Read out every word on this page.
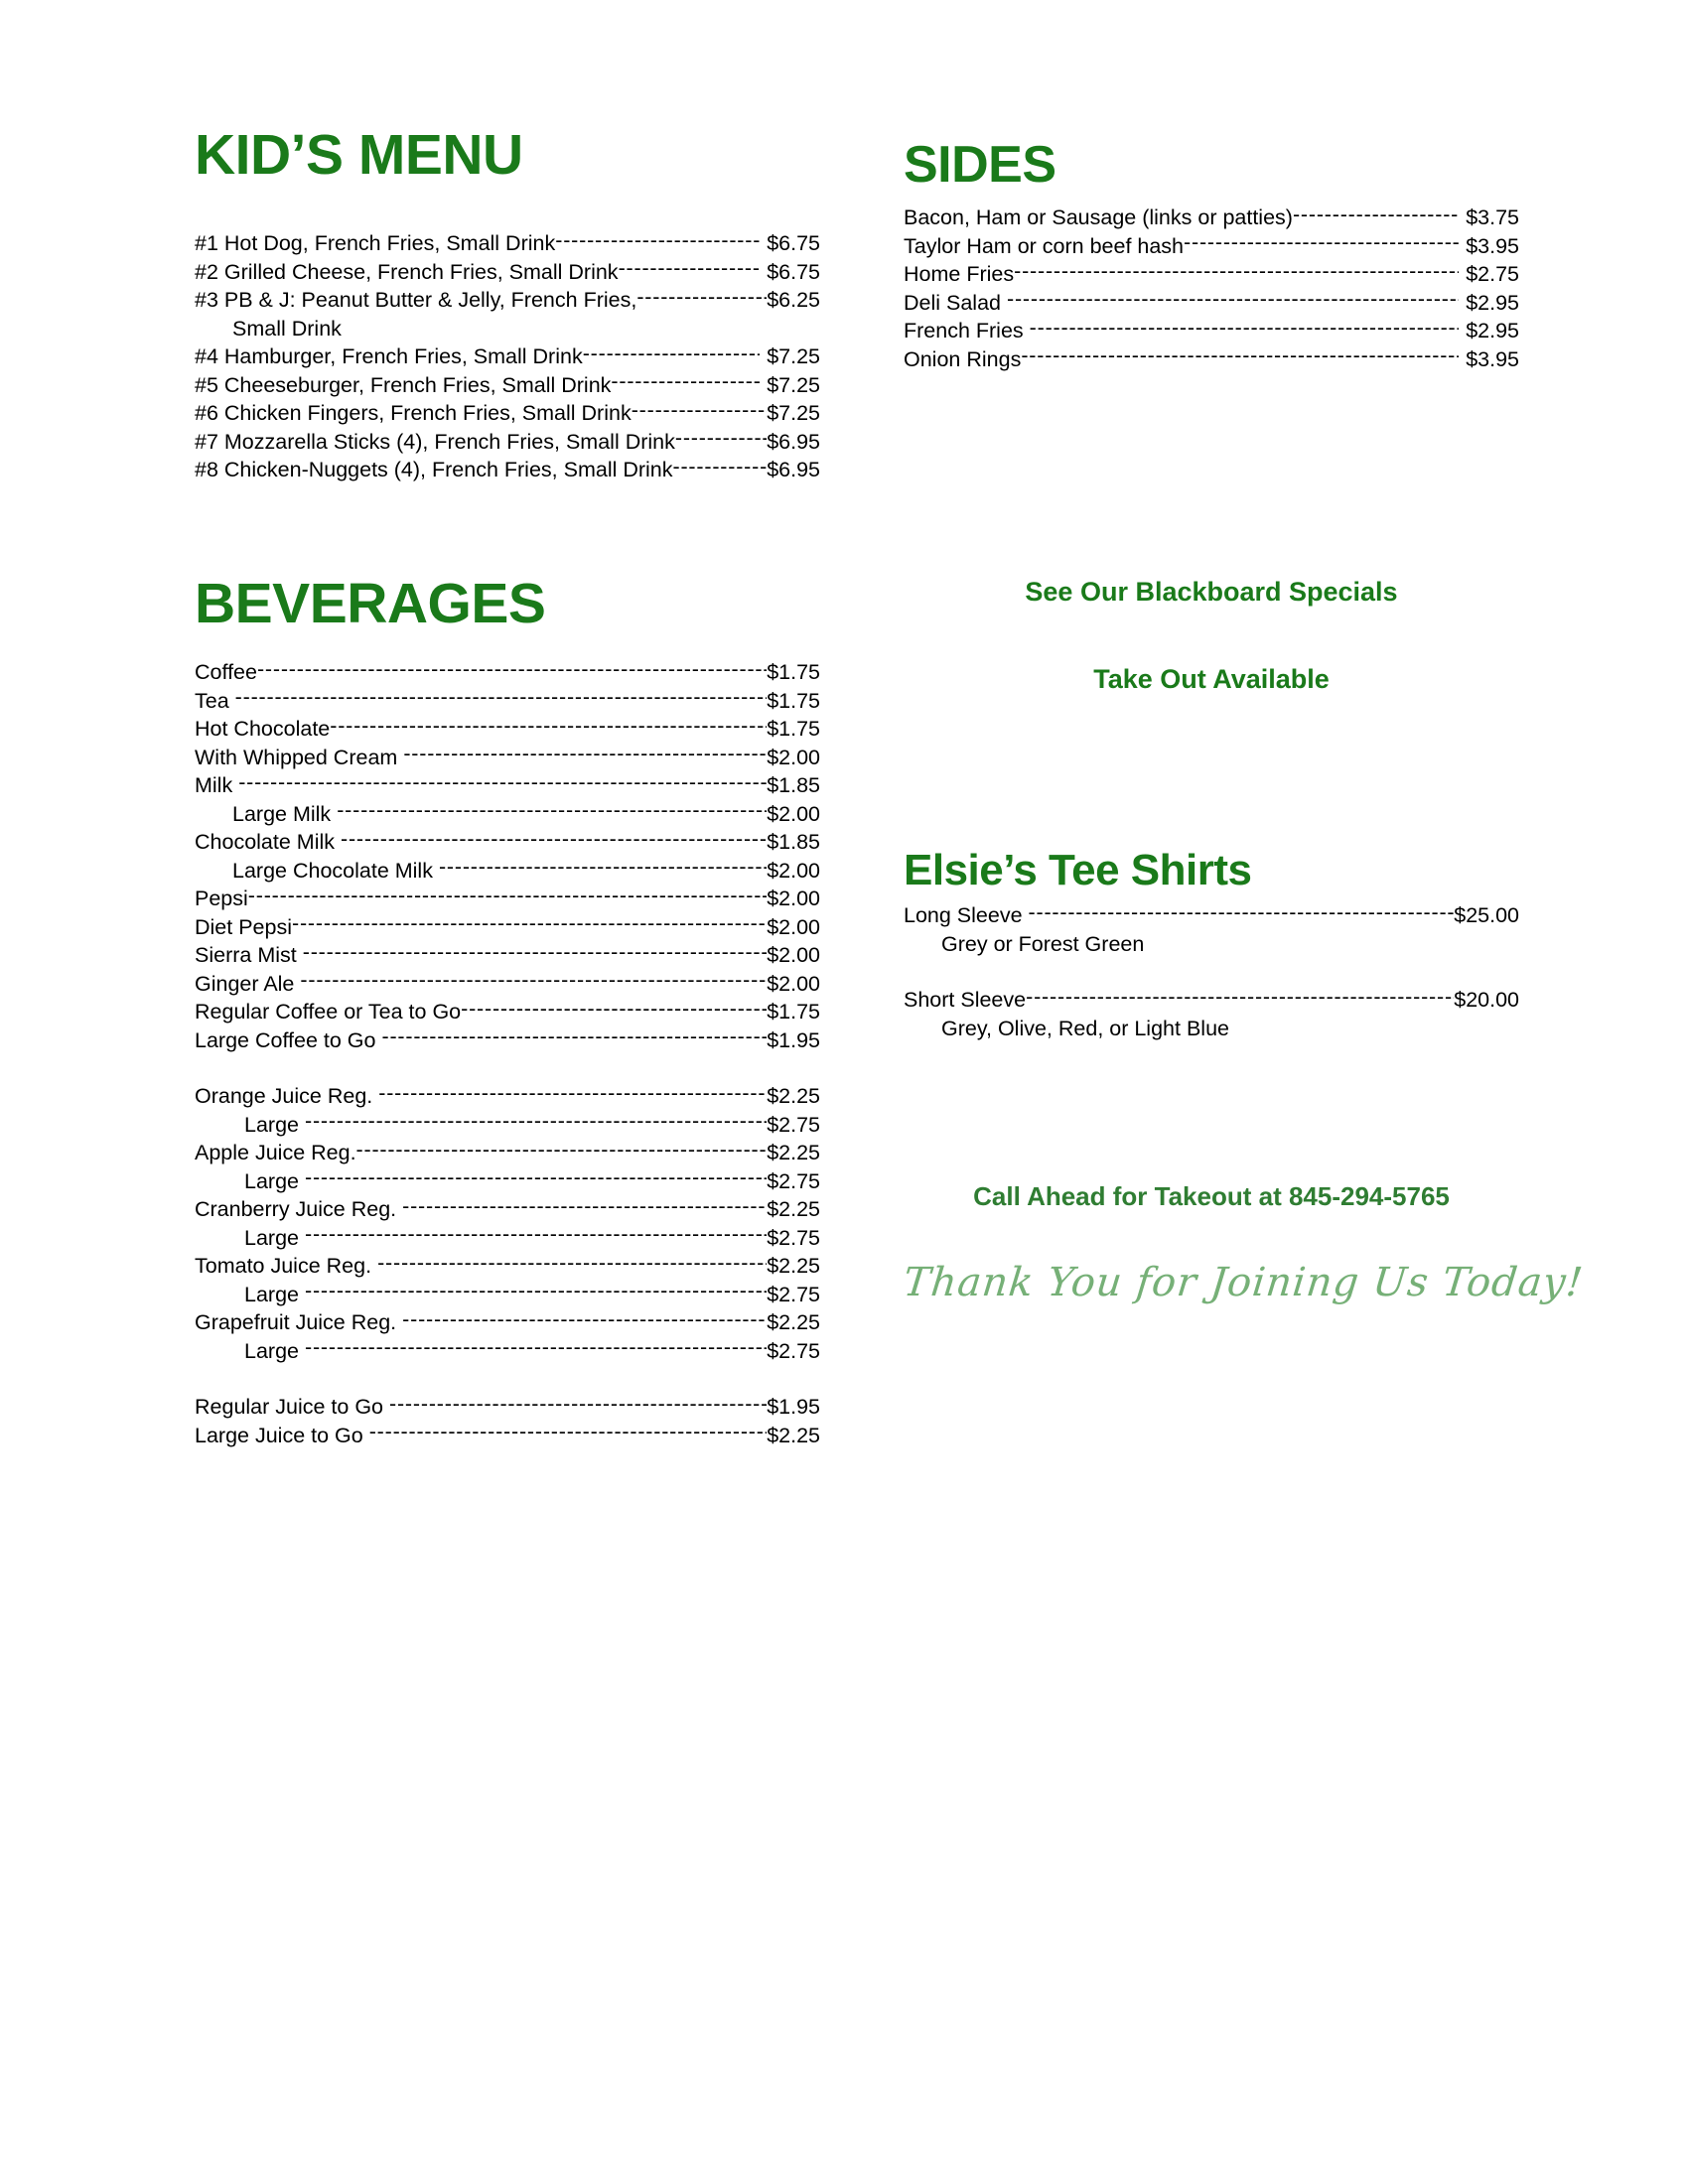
KID’S MENU
#1 Hot Dog, French Fries, Small Drink -----	$6.75
#2 Grilled Cheese, French Fries, Small Drink -----	$6.75
#3 PB & J: Peanut Butter & Jelly, French Fries, -----	$6.25
Small Drink
#4 Hamburger, French Fries, Small Drink -----	$7.25
#5 Cheeseburger, French Fries, Small Drink -----	$7.25
#6 Chicken Fingers, French Fries, Small Drink -----	$7.25
#7 Mozzarella Sticks (4), French Fries, Small Drink -----	$6.95
#8 Chicken-Nuggets (4), French Fries, Small Drink -----	$6.95
BEVERAGES
Coffee -----	$1.75
Tea -----	$1.75
Hot Chocolate -----	$1.75
With Whipped Cream -----	$2.00
Milk -----	$1.85
Large Milk -----	$2.00
Chocolate Milk -----	$1.85
Large Chocolate Milk -----	$2.00
Pepsi -----	$2.00
Diet Pepsi -----	$2.00
Sierra Mist -----	$2.00
Ginger Ale -----	$2.00
Regular Coffee or Tea to Go -----	$1.75
Large Coffee to Go -----	$1.95
Orange Juice Reg. -----	$2.25
Large -----	$2.75
Apple Juice Reg. -----	$2.25
Large -----	$2.75
Cranberry Juice Reg. -----	$2.25
Large -----	$2.75
Tomato Juice Reg. -----	$2.25
Large -----	$2.75
Grapefruit Juice Reg. -----	$2.25
Large -----	$2.75
Regular Juice to Go -----	$1.95
Large Juice to Go -----	$2.25
SIDES
Bacon, Ham or Sausage (links or patties) -----	$3.75
Taylor Ham or corn beef hash -----	$3.95
Home Fries -----	$2.75
Deli Salad -----	$2.95
French Fries -----	$2.95
Onion Rings -----	$3.95
See Our Blackboard Specials
Take Out Available
Elsie’s Tee Shirts
Long Sleeve -----	$25.00
Grey or Forest Green
Short Sleeve -----	$20.00
Grey, Olive, Red, or Light Blue
Call Ahead for Takeout at 845-294-5765
Thank You for Joining Us Today!
